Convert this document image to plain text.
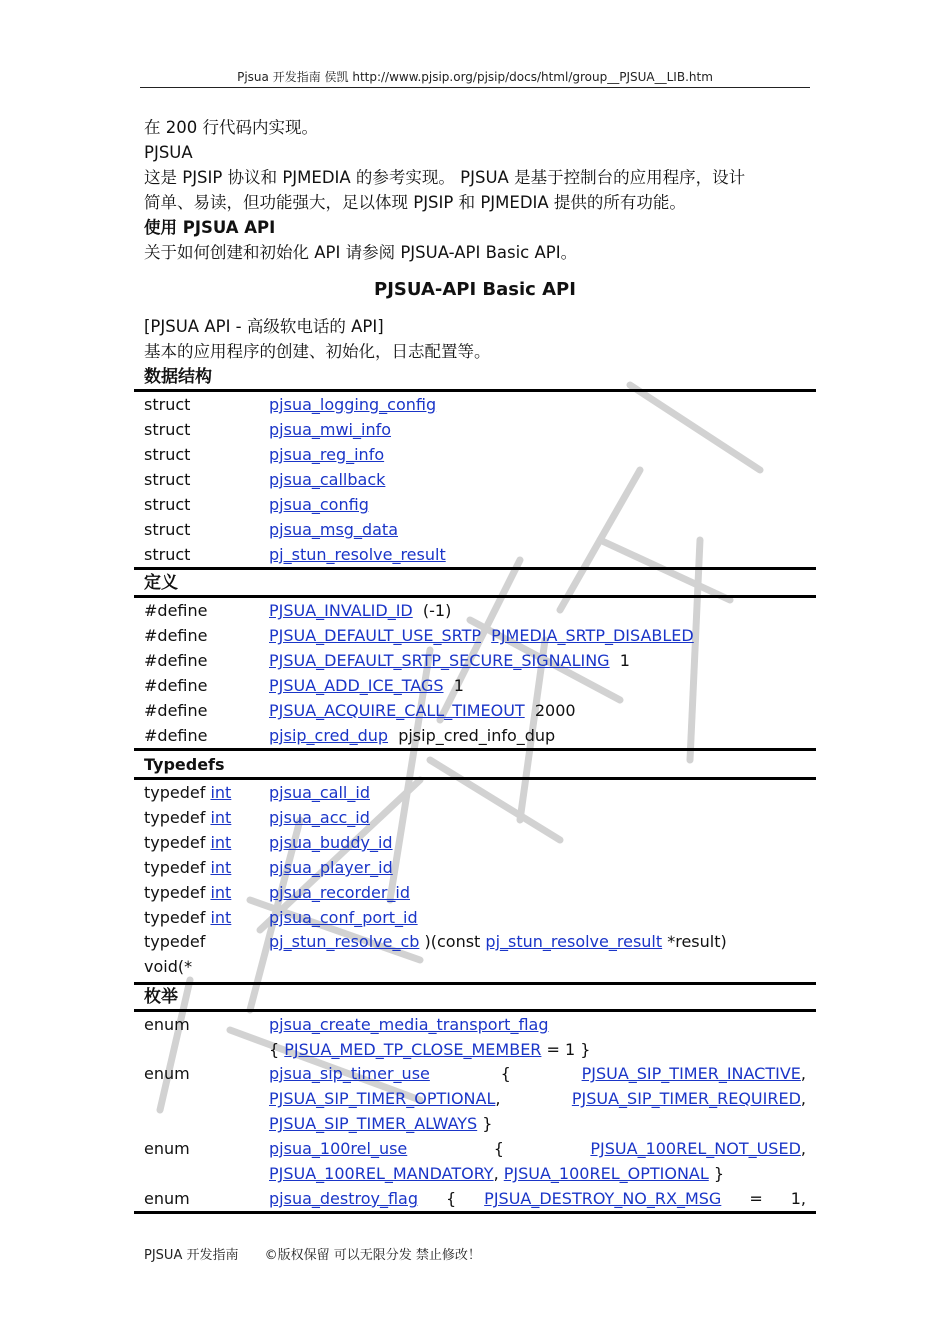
Pjsua 开发指南 侯凯 http://www.pjsip.org/pjsip/docs/html/group__PJSUA__LIB.htm
在 200 行代码内实现。
PJSUA
这是 PJSIP 协议和 PJMEDIA 的参考实现。 PJSUA 是基于控制台的应用程序，设计
简单、易读，但功能强大，足以体现 PJSIP 和 PJMEDIA 提供的所有功能。
使用 PJSUA API
关于如何创建和初始化 API 请参阅 PJSUA-API Basic API。
PJSUA-API Basic API
[PJSUA API - 高级软电话的 API]
基本的应用程序的创建、初始化，日志配置等。
数据结构
struct	pjsua_logging_config
struct	pjsua_mwi_info
struct	pjsua_reg_info
struct	pjsua_callback
struct	pjsua_config
struct	pjsua_msg_data
struct	pj_stun_resolve_result
定义
#define	PJSUA_INVALID_ID (-1)
#define	PJSUA_DEFAULT_USE_SRTP PJMEDIA_SRTP_DISABLED
#define	PJSUA_DEFAULT_SRTP_SECURE_SIGNALING 1
#define	PJSUA_ADD_ICE_TAGS 1
#define	PJSUA_ACQUIRE_CALL_TIMEOUT 2000
#define	pjsip_cred_dup pjsip_cred_info_dup
Typedefs
typedef int pjsua_call_id
typedef int pjsua_acc_id
typedef int pjsua_buddy_id
typedef int pjsua_player_id
typedef int pjsua_recorder_id
typedef int pjsua_conf_port_id
typedef	pj_stun_resolve_cb )(const pj_stun_resolve_result *result)
void(*
枚举
enum	pjsua_create_media_transport_flag
{ PJSUA_MED_TP_CLOSE_MEMBER = 1 }
enum	pjsua_sip_timer_use	{	PJSUA_SIP_TIMER_INACTIVE,
PJSUA_SIP_TIMER_OPTIONAL,	PJSUA_SIP_TIMER_REQUIRED,
PJSUA_SIP_TIMER_ALWAYS }
enum	pjsua_100rel_use	{	PJSUA_100REL_NOT_USED,
PJSUA_100REL_MANDATORY, PJSUA_100REL_OPTIONAL }
enum	pjsua_destroy_flag { PJSUA_DESTROY_NO_RX_MSG = 1,
PJSUA 开发指南 ©版权保留 可以无限分发 禁止修改！
